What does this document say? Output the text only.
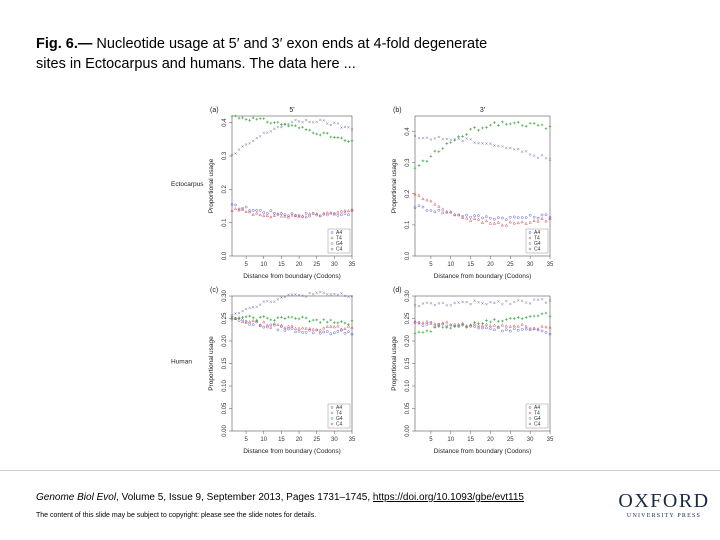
Fig. 6.— Nucleotide usage at 5′ and 3′ exon ends at 4-fold degenerate sites in Ectocarpus and humans. The data here ...
(a)	5'
Ectocarpus
5 10 15 20 25 30 35
0.0
0.1
0.2
0.3
0.4
Distance from boundary (Codons)
Proportional usage
A4
T4
G4
C4
(b)	3'
5 10 15 20 25 30 35
0.0
0.1
0.2
0.3
0.4
Distance from boundary (Codons)
Proportional usage
A4
T4
G4
C4
(c)
Human
5 10 15 20 25 30 35
0.00
0.05
0.10
0.15
0.20
0.25
0.30
Distance from boundary (Codons)
Proportional usage
A4
T4
G4
C4
(d)
5 10 15 20 25 30 35
0.00
0.05
0.10
0.15
0.20
0.25
0.30
Distance from boundary (Codons)
Proportional usage
A4
T4
G4
C4
Genome Biol Evol, Volume 5, Issue 9, September 2013, Pages 1731–1745, https://doi.org/10.1093/gbe/evt115
The content of this slide may be subject to copyright: please see the slide notes for details.
OXFORD
UNIVERSITY PRESS
